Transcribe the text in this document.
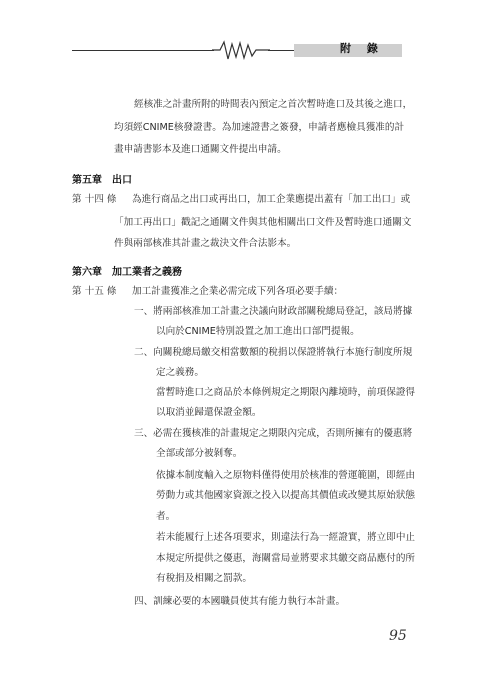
附 錄
經核准之計畫所附的時間表內預定之首次暫時進口及其後之進口，
均須經CNIME核發證書。為加速證書之簽發，申請者應檢具獲准的計
畫申請書影本及進口通關文件提出申請。
第五章　出口
第 十四 條 為進行商品之出口或再出口，加工企業應提出蓋有「加工出口」或
「加工再出口」戳記之通關文件與其他相關出口文件及暫時進口通關文
件與兩部核准其計畫之裁決文件合法影本。
第六章　加工業者之義務
第 十五 條 加工計畫獲准之企業必需完成下列各項必要手續：
一、將兩部核准加工計畫之決議向財政部關稅總局登記，該局將據
以向於CNIME特別設置之加工進出口部門提報。
二、向關稅總局繳交相當數額的稅捐以保證將執行本施行制度所規
定之義務。
當暫時進口之商品於本條例規定之期限內離境時，前項保證得
以取消並歸還保證金額。
三、必需在獲核准的計畫規定之期限內完成，否則所擁有的優惠將
全部或部分被剝奪。
依據本制度輸入之原物料僅得使用於核准的營運範圍，即經由
勞動力或其他國家資源之投入以提高其價值或改變其原始狀態
者。
若未能履行上述各項要求，則違法行為一經證實，將立即中止
本規定所提供之優惠，海關當局並將要求其繳交商品應付的所
有稅捐及相關之罰款。
四、訓練必要的本國職員使其有能力執行本計畫。
95
